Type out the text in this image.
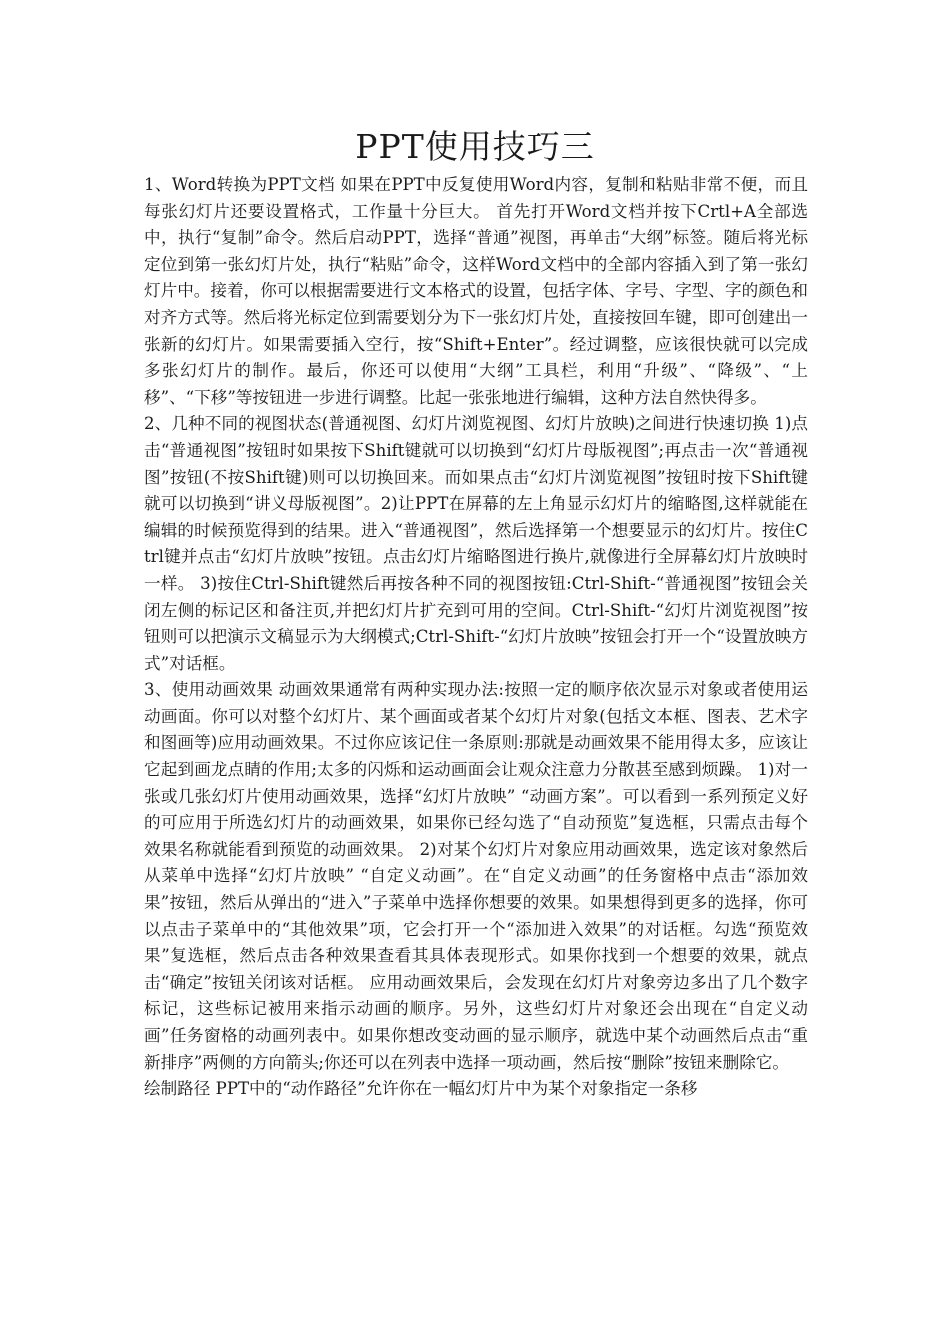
PPT使用技巧三

1、Word转换为PPT文档 如果在PPT中反复使用Word内容，复制和粘贴非常不便，而且每张幻灯片还要设置格式，工作量十分巨大。 首先打开Word文档并按下Crtl+A全部选中，执行“复制”命令。然后启动PPT，选择“普通”视图，再单击“大纲”标签。随后将光标定位到第一张幻灯片处，执行“粘贴”命令，这样Word文档中的全部内容插入到了第一张幻灯片中。接着，你可以根据需要进行文本格式的设置，包括字体、字号、字型、字的颜色和对齐方式等。然后将光标定位到需要划分为下一张幻灯片处，直接按回车键，即可创建出一张新的幻灯片。如果需要插入空行，按“Shift+Enter”。经过调整，应该很快就可以完成多张幻灯片的制作。最后，你还可以使用“大纲”工具栏，利用“升级”、“降级”、“上移”、“下移”等按钮进一步进行调整。比起一张张地进行编辑，这种方法自然快得多。

2、几种不同的视图状态(普通视图、幻灯片浏览视图、幻灯片放映)之间进行快速切换 1)点击“普通视图”按钮时如果按下Shift键就可以切换到“幻灯片母版视图”;再点击一次“普通视图”按钮(不按Shift键)则可以切换回来。而如果点击“幻灯片浏览视图”按钮时按下Shift键就可以切换到“讲义母版视图”。2)让PPT在屏幕的左上角显示幻灯片的缩略图,这样就能在编辑的时候预览得到的结果。进入“普通视图”，然后选择第一个想要显示的幻灯片。按住Ctrl键并点击“幻灯片放映”按钮。点击幻灯片缩略图进行换片,就像进行全屏幕幻灯片放映时一样。 3)按住Ctrl-Shift键然后再按各种不同的视图按钮:Ctrl-Shift-“普通视图”按钮会关闭左侧的标记区和备注页,并把幻灯片扩充到可用的空间。Ctrl-Shift-“幻灯片浏览视图”按钮则可以把演示文稿显示为大纲模式;Ctrl-Shift-“幻灯片放映”按钮会打开一个“设置放映方式”对话框。

3、使用动画效果 动画效果通常有两种实现办法:按照一定的顺序依次显示对象或者使用运动画面。你可以对整个幻灯片、某个画面或者某个幻灯片对象(包括文本框、图表、艺术字和图画等)应用动画效果。不过你应该记住一条原则:那就是动画效果不能用得太多，应该让它起到画龙点睛的作用;太多的闪烁和运动画面会让观众注意力分散甚至感到烦躁。 1)对一张或几张幻灯片使用动画效果，选择“幻灯片放映” “动画方案”。可以看到一系列预定义好的可应用于所选幻灯片的动画效果，如果你已经勾选了“自动预览”复选框，只需点击每个效果名称就能看到预览的动画效果。 2)对某个幻灯片对象应用动画效果，选定该对象然后从菜单中选择“幻灯片放映” “自定义动画”。在“自定义动画”的任务窗格中点击“添加效果”按钮，然后从弹出的“进入”子菜单中选择你想要的效果。如果想得到更多的选择，你可以点击子菜单中的“其他效果”项，它会打开一个“添加进入效果”的对话框。勾选“预览效果”复选框，然后点击各种效果查看其具体表现形式。如果你找到一个想要的效果，就点击“确定”按钮关闭该对话框。 应用动画效果后，会发现在幻灯片对象旁边多出了几个数字标记，这些标记被用来指示动画的顺序。另外，这些幻灯片对象还会出现在“自定义动画”任务窗格的动画列表中。如果你想改变动画的显示顺序，就选中某个动画然后点击“重新排序”两侧的方向箭头;你还可以在列表中选择一项动画，然后按“删除”按钮来删除它。

绘制路径 PPT中的“动作路径”允许你在一幅幻灯片中为某个对象指定一条移
